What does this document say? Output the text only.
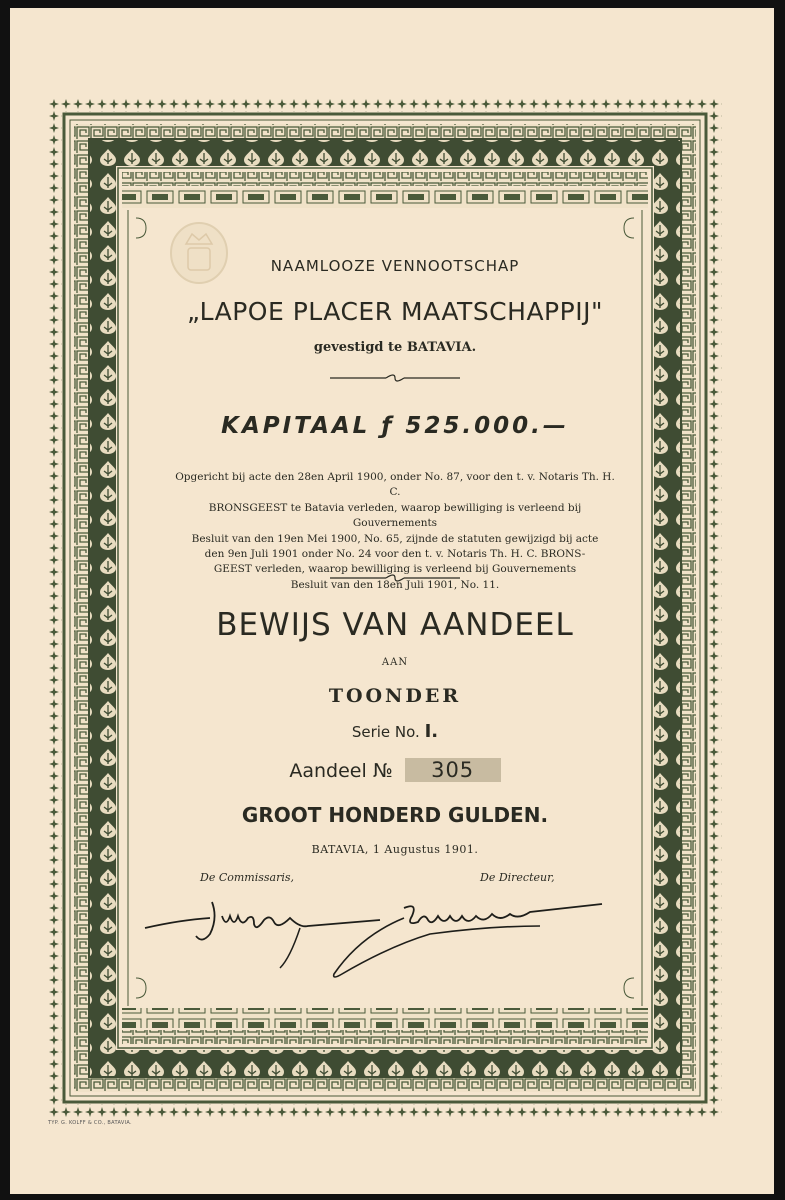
NAAMLOOZE VENNOOTSCHAP
„LAPOE PLACER MAATSCHAPPIJ"
gevestigd te BATAVIA.
KAPITAAL ƒ 525.000.—
Opgericht bij acte den 28en April 1900, onder No. 87, voor den t. v. Notaris Th. H. C.
BRONSGEEST te Batavia verleden, waarop bewilliging is verleend bij Gouvernements
Besluit van den 19en Mei 1900, No. 65, zijnde de statuten gewijzigd bij acte
den 9en Juli 1901 onder No. 24 voor den t. v. Notaris Th. H. C. BRONS-
GEEST verleden, waarop bewilliging is verleend bij Gouvernements
Besluit van den 18en Juli 1901, No. 11.
BEWIJS VAN AANDEEL
AAN
TOONDER
Serie No. I.
Aandeel № 305
GROOT HONDERD GULDEN.
BATAVIA, 1 Augustus 1901.
De Commissaris,	De Directeur,
TYP. G. KOLFF & CO., BATAVIA.
